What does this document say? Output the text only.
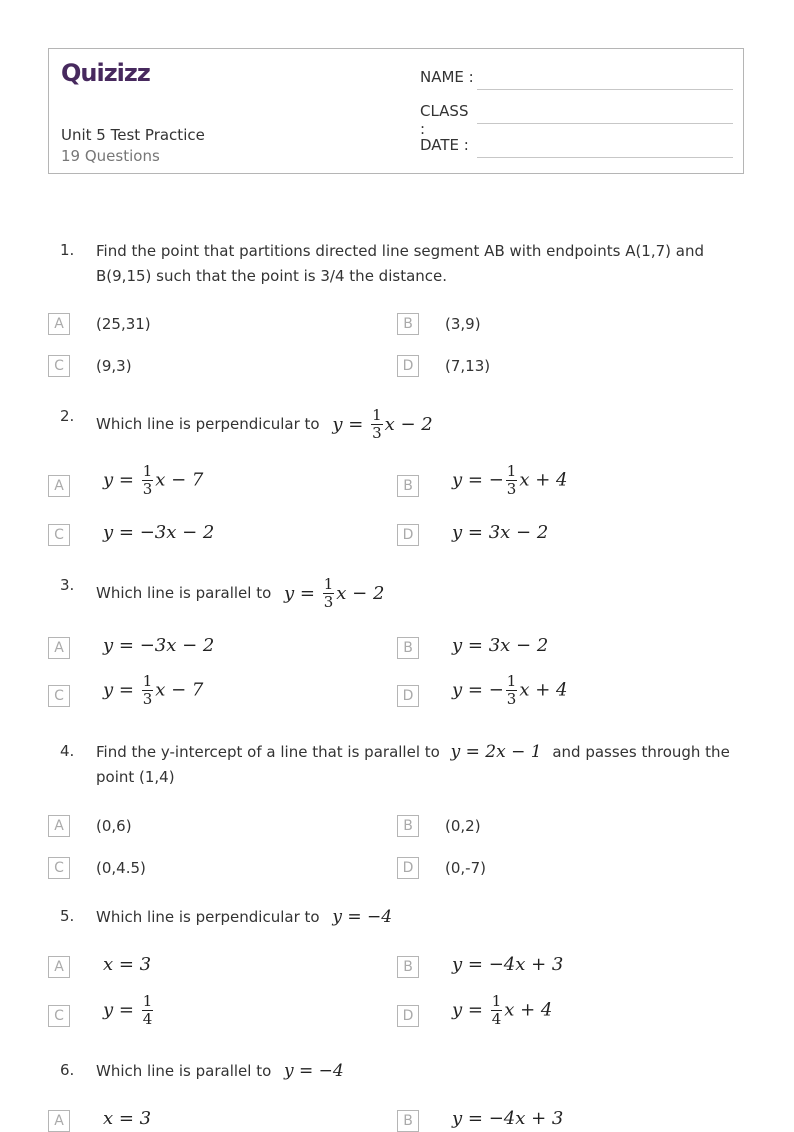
Quizizz
Unit 5 Test Practice
19 Questions
NAME :
CLASS :
DATE :
1. Find the point that partitions directed line segment AB with endpoints A(1,7) and B(9,15) such that the point is 3/4 the distance.
A	(25,31)	B	(3,9)
C	(9,3)	D	(7,13)
2. Which line is perpendicular to $y = \frac{1}{3}$ x − 2
A	$y = \frac{1}{3}$ x − 7	B	y = − $\frac{1}{3}$ x + 4
C	y = −3x − 2	D	y = 3x − 2
3. Which line is parallel to $y = \frac{1}{3}$ x − 2
A	y = −3x − 2	B	y = 3x − 2
C	$y = \frac{1}{3}$ x − 7	D	y = − $\frac{1}{3}$ x + 4
4. Find the y-intercept of a line that is parallel to y = 2x − 1 and passes through the point (1,4)
A	(0,6)	B	(0,2)
C	(0,4.5)	D	(0,-7)
5. Which line is perpendicular to y = −4
A	x = 3	B	y = −4x + 3
C	$y = \frac{1}{4}$	D	$y = \frac{1}{4}$ x + 4
6. Which line is parallel to y = −4
A	x = 3	B	y = −4x + 3
